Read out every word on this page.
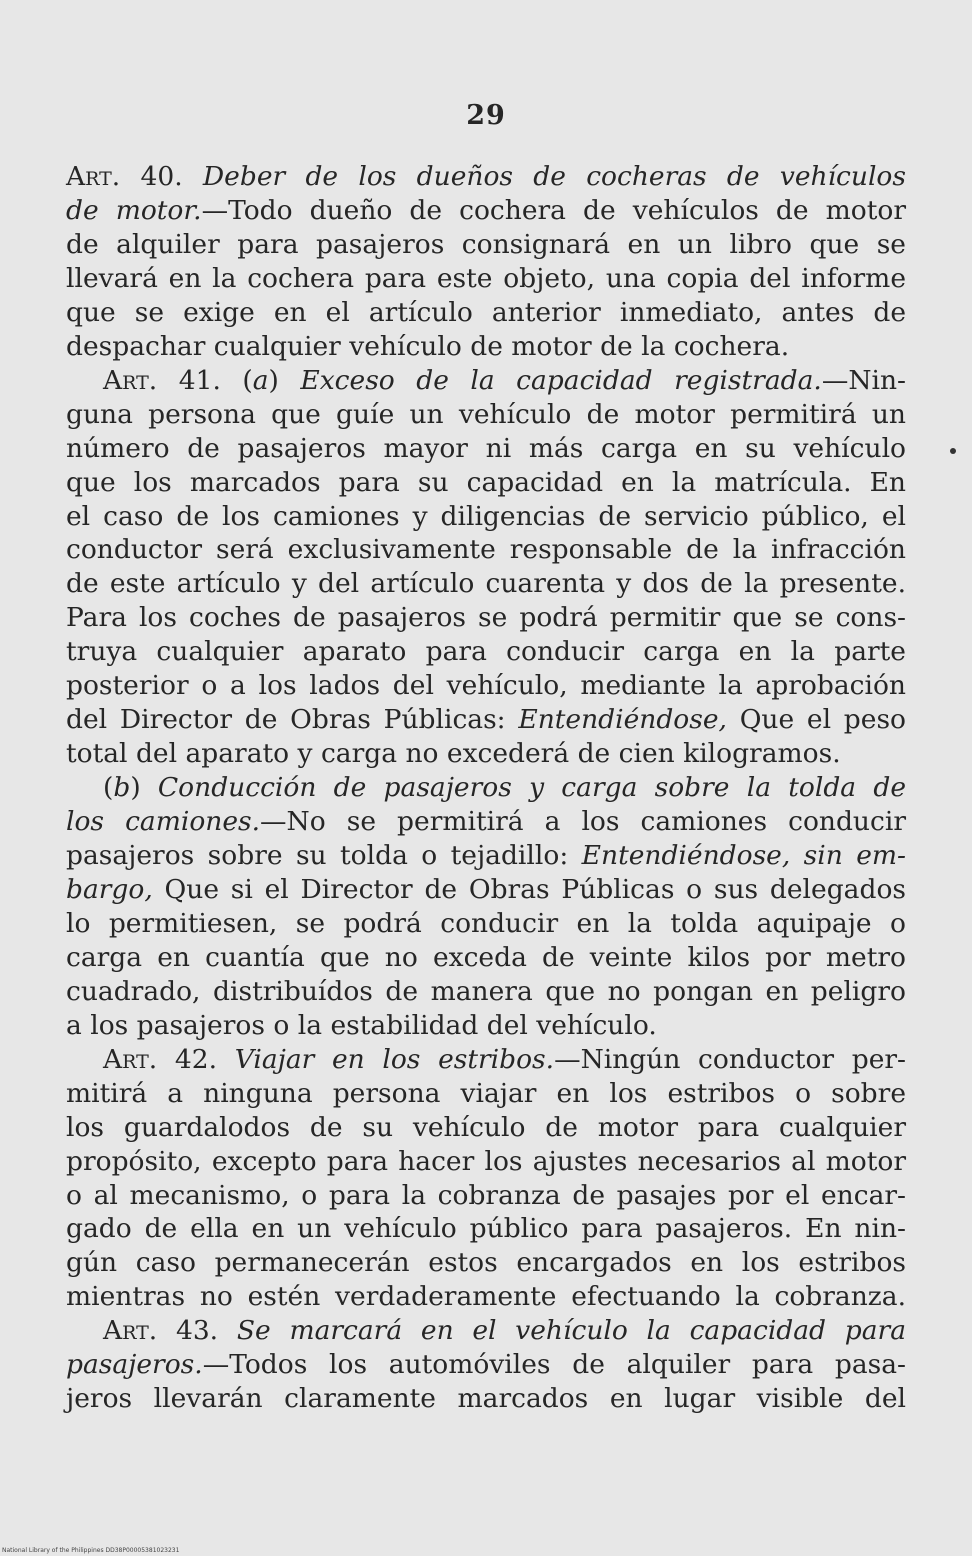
29
Art. 40. Deber de los dueños de cocheras de vehículos
de motor.—Todo dueño de cochera de vehículos de motor
de alquiler para pasajeros consignará en un libro que se
llevará en la cochera para este objeto, una copia del informe
que se exige en el artículo anterior inmediato, antes de
despachar cualquier vehículo de motor de la cochera.
Art. 41. (a) Exceso de la capacidad registrada.—Nin-
guna persona que guíe un vehículo de motor permitirá un
número de pasajeros mayor ni más carga en su vehículo
que los marcados para su capacidad en la matrícula. En
el caso de los camiones y diligencias de servicio público, el
conductor será exclusivamente responsable de la infracción
de este artículo y del artículo cuarenta y dos de la presente.
Para los coches de pasajeros se podrá permitir que se cons-
truya cualquier aparato para conducir carga en la parte
posterior o a los lados del vehículo, mediante la aprobación
del Director de Obras Públicas: Entendiéndose, Que el peso
total del aparato y carga no excederá de cien kilogramos.
(b) Conducción de pasajeros y carga sobre la tolda de
los camiones.—No se permitirá a los camiones conducir
pasajeros sobre su tolda o tejadillo: Entendiéndose, sin em-
bargo, Que si el Director de Obras Públicas o sus delegados
lo permitiesen, se podrá conducir en la tolda aquipaje o
carga en cuantía que no exceda de veinte kilos por metro
cuadrado, distribuídos de manera que no pongan en peligro
a los pasajeros o la estabilidad del vehículo.
Art. 42. Viajar en los estribos.—Ningún conductor per-
mitirá a ninguna persona viajar en los estribos o sobre
los guardalodos de su vehículo de motor para cualquier
propósito, excepto para hacer los ajustes necesarios al motor
o al mecanismo, o para la cobranza de pasajes por el encar-
gado de ella en un vehículo público para pasajeros. En nin-
gún caso permanecerán estos encargados en los estribos
mientras no estén verdaderamente efectuando la cobranza.
Art. 43. Se marcará en el vehículo la capacidad para
pasajeros.—Todos los automóviles de alquiler para pasa-
jeros llevarán claramente marcados en lugar visible del
National Library of the Philippines DD38P00005381023231
